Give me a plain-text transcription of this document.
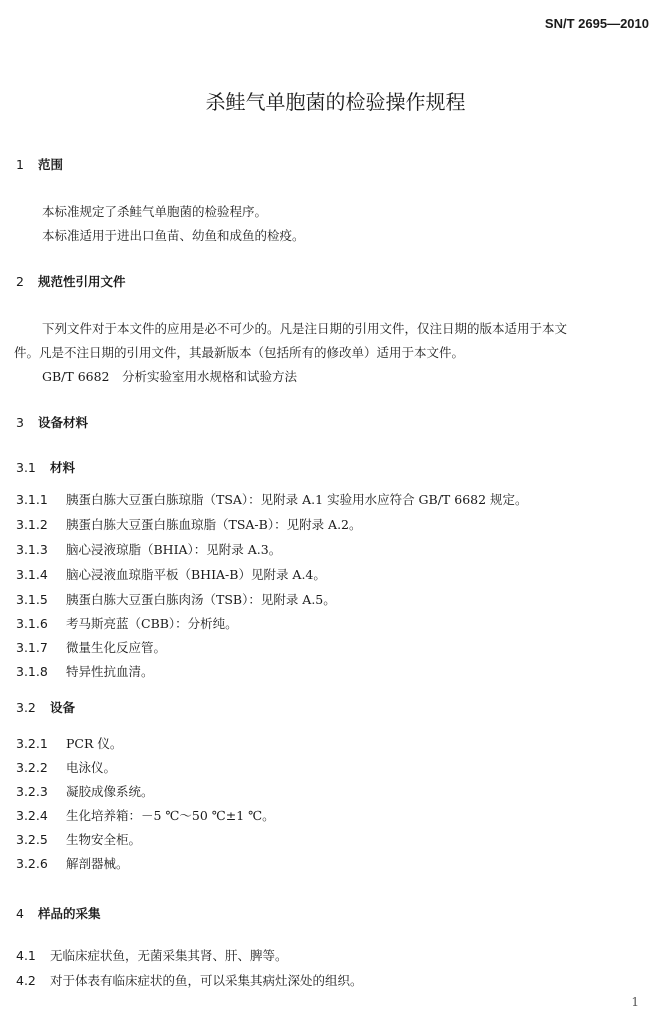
SN/T 2695—2010
杀鲑气单胞菌的检验操作规程
1 范围
本标准规定了杀鲑气单胞菌的检验程序。
本标准适用于进出口鱼苗、幼鱼和成鱼的检疫。
2 规范性引用文件
下列文件对于本文件的应用是必不可少的。凡是注日期的引用文件，仅注日期的版本适用于本文
件。凡是不注日期的引用文件，其最新版本（包括所有的修改单）适用于本文件。
GB/T 6682　分析实验室用水规格和试验方法
3 设备材料
3.1 材料
3.1.1 胰蛋白胨大豆蛋白胨琼脂（TSA）：见附录 A.1 实验用水应符合 GB/T 6682 规定。
3.1.2 胰蛋白胨大豆蛋白胨血琼脂（TSA-B）：见附录 A.2。
3.1.3 脑心浸液琼脂（BHIA）：见附录 A.3。
3.1.4 脑心浸液血琼脂平板（BHIA-B）见附录 A.4。
3.1.5 胰蛋白胨大豆蛋白胨肉汤（TSB）：见附录 A.5。
3.1.6 考马斯亮蓝（CBB）：分析纯。
3.1.7 微量生化反应管。
3.1.8 特异性抗血清。
3.2 设备
3.2.1 PCR 仪。
3.2.2 电泳仪。
3.2.3 凝胶成像系统。
3.2.4 生化培养箱：－5 ℃～50 ℃±1 ℃。
3.2.5 生物安全柜。
3.2.6 解剖器械。
4 样品的采集
4.1 无临床症状鱼，无菌采集其肾、肝、脾等。
4.2 对于体表有临床症状的鱼，可以采集其病灶深处的组织。
1
